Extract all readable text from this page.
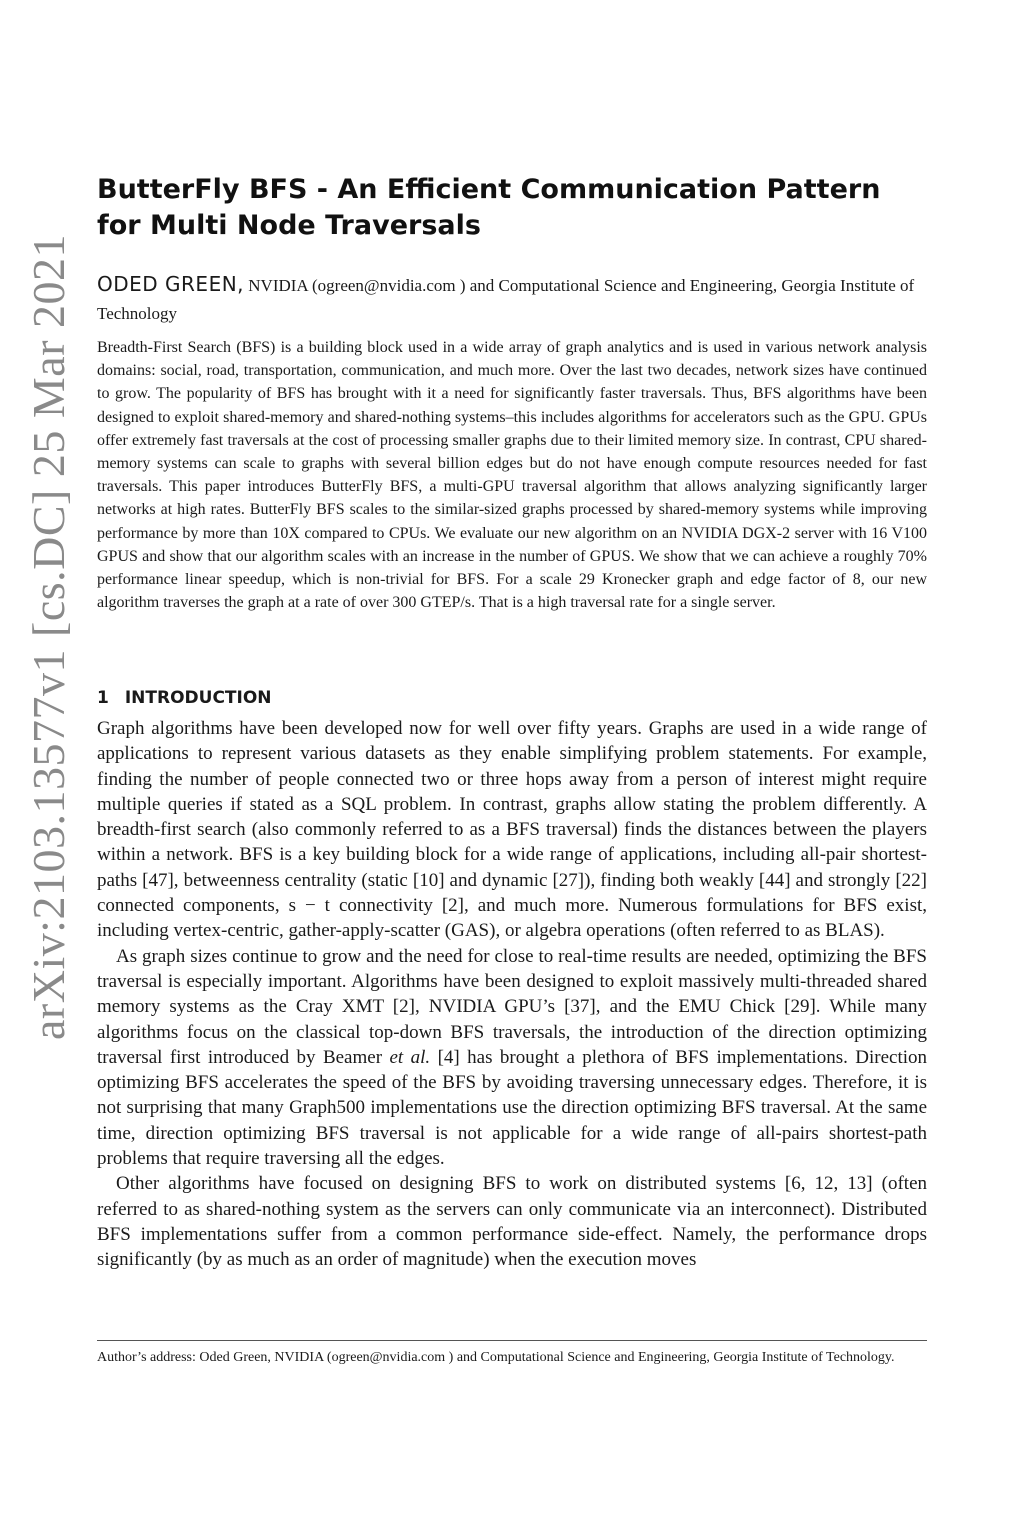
arXiv:2103.13577v1 [cs.DC] 25 Mar 2021
ButterFly BFS - An Efficient Communication Pattern for Multi Node Traversals
ODED GREEN, NVIDIA (ogreen@nvidia.com ) and Computational Science and Engineering, Georgia Institute of Technology

Breadth-First Search (BFS) is a building block used in a wide array of graph analytics and is used in various network analysis domains: social, road, transportation, communication, and much more. Over the last two decades, network sizes have continued to grow. The popularity of BFS has brought with it a need for significantly faster traversals. Thus, BFS algorithms have been designed to exploit shared-memory and shared-nothing systems–this includes algorithms for accelerators such as the GPU. GPUs offer extremely fast traversals at the cost of processing smaller graphs due to their limited memory size. In contrast, CPU shared-memory systems can scale to graphs with several billion edges but do not have enough compute resources needed for fast traversals. This paper introduces ButterFly BFS, a multi-GPU traversal algorithm that allows analyzing significantly larger networks at high rates. ButterFly BFS scales to the similar-sized graphs processed by shared-memory systems while improving performance by more than 10X compared to CPUs. We evaluate our new algorithm on an NVIDIA DGX-2 server with 16 V100 GPUS and show that our algorithm scales with an increase in the number of GPUS. We show that we can achieve a roughly 70% performance linear speedup, which is non-trivial for BFS. For a scale 29 Kronecker graph and edge factor of 8, our new algorithm traverses the graph at a rate of over 300 GTEP/s. That is a high traversal rate for a single server.

1 INTRODUCTION

Graph algorithms have been developed now for well over fifty years. Graphs are used in a wide range of applications to represent various datasets as they enable simplifying problem statements. For example, finding the number of people connected two or three hops away from a person of interest might require multiple queries if stated as a SQL problem. In contrast, graphs allow stating the problem differently. A breadth-first search (also commonly referred to as a BFS traversal) finds the distances between the players within a network. BFS is a key building block for a wide range of applications, including all-pair shortest-paths [47], betweenness centrality (static [10] and dynamic [27]), finding both weakly [44] and strongly [22] connected components, s − t connectivity [2], and much more. Numerous formulations for BFS exist, including vertex-centric, gather-apply-scatter (GAS), or algebra operations (often referred to as BLAS).

As graph sizes continue to grow and the need for close to real-time results are needed, optimizing the BFS traversal is especially important. Algorithms have been designed to exploit massively multi-threaded shared memory systems as the Cray XMT [2], NVIDIA GPU’s [37], and the EMU Chick [29]. While many algorithms focus on the classical top-down BFS traversals, the introduction of the direction optimizing traversal first introduced by Beamer et al. [4] has brought a plethora of BFS implementations. Direction optimizing BFS accelerates the speed of the BFS by avoiding traversing unnecessary edges. Therefore, it is not surprising that many Graph500 implementations use the direction optimizing BFS traversal. At the same time, direction optimizing BFS traversal is not applicable for a wide range of all-pairs shortest-path problems that require traversing all the edges.

Other algorithms have focused on designing BFS to work on distributed systems [6, 12, 13] (often referred to as shared-nothing system as the servers can only communicate via an interconnect). Distributed BFS implementations suffer from a common performance side-effect. Namely, the performance drops significantly (by as much as an order of magnitude) when the execution moves

Author’s address: Oded Green, NVIDIA (ogreen@nvidia.com ) and Computational Science and Engineering, Georgia Institute of Technology.
